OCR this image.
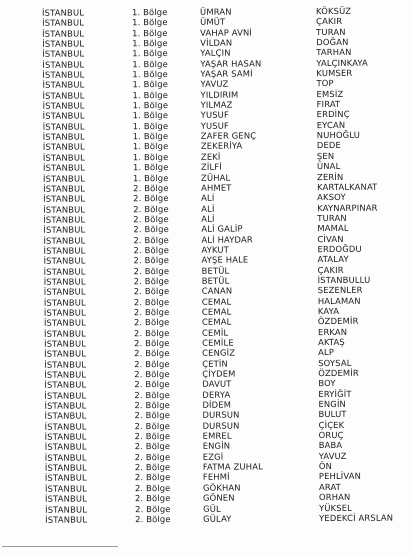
İSTANBUL	1. Bölge	ÜMRAN	KÖKSÜZ
İSTANBUL	1. Bölge	ÜMÜT	ÇAKIR
İSTANBUL	1. Bölge	VAHAP AVNİ	TURAN
İSTANBUL	1. Bölge	VİLDAN	DOĞAN
İSTANBUL	1. Bölge	YALÇIN	TARHAN
İSTANBUL	1. Bölge	YAŞAR HASAN	YALÇINKAYA
İSTANBUL	1. Bölge	YAŞAR SAMİ	KUMSER
İSTANBUL	1. Bölge	YAVUZ	TOP
İSTANBUL	1. Bölge	YILDIRIM	EMSİZ
İSTANBUL	1. Bölge	YILMAZ	FIRAT
İSTANBUL	1. Bölge	YUSUF	ERDİNÇ
İSTANBUL	1. Bölge	YUSUF	EYCAN
İSTANBUL	1. Bölge	ZAFER GENÇ	NUHOĞLU
İSTANBUL	1. Bölge	ZEKERİYA	DEDE
İSTANBUL	1. Bölge	ZEKİ	ŞEN
İSTANBUL	1. Bölge	ZİLFİ	ÜNAL
İSTANBUL	1. Bölge	ZÜHAL	ZERİN
İSTANBUL	2. Bölge	AHMET	KARTALKANAT
İSTANBUL	2. Bölge	ALİ	AKSOY
İSTANBUL	2. Bölge	ALİ	KAYNARPINAR
İSTANBUL	2. Bölge	ALİ	TURAN
İSTANBUL	2. Bölge	ALİ GALİP	MAMAL
İSTANBUL	2. Bölge	ALİ HAYDAR	CİVAN
İSTANBUL	2. Bölge	AYKUT	ERDOĞDU
İSTANBUL	2. Bölge	AYŞE HALE	ATALAY
İSTANBUL	2. Bölge	BETÜL	ÇAKIR
İSTANBUL	2. Bölge	BETÜL	İSTANBULLU
İSTANBUL	2. Bölge	CANAN	SEZENLER
İSTANBUL	2. Bölge	CEMAL	HALAMAN
İSTANBUL	2. Bölge	CEMAL	KAYA
İSTANBUL	2. Bölge	CEMAL	ÖZDEMİR
İSTANBUL	2. Bölge	CEMİL	ERKAN
İSTANBUL	2. Bölge	CEMİLE	AKTAŞ
İSTANBUL	2. Bölge	CENGİZ	ALP
İSTANBUL	2. Bölge	ÇETİN	SOYSAL
İSTANBUL	2. Bölge	ÇİYDEM	ÖZDEMİR
İSTANBUL	2. Bölge	DAVUT	BOY
İSTANBUL	2. Bölge	DERYA	ERYİĞİT
İSTANBUL	2. Bölge	DİDEM	ENGİN
İSTANBUL	2. Bölge	DURSUN	BULUT
İSTANBUL	2. Bölge	DURSUN	ÇİÇEK
İSTANBUL	2. Bölge	EMREL	ORUÇ
İSTANBUL	2. Bölge	ENGİN	BABA
İSTANBUL	2. Bölge	EZGİ	YAVUZ
İSTANBUL	2. Bölge	FATMA ZUHAL	ÖN
İSTANBUL	2. Bölge	FEHMİ	PEHLİVAN
İSTANBUL	2. Bölge	GÖKHAN	ARAT
İSTANBUL	2. Bölge	GÖNEN	ORHAN
İSTANBUL	2. Bölge	GÜL	YÜKSEL
İSTANBUL	2. Bölge	GÜLAY	YEDEKCİ ARSLAN
